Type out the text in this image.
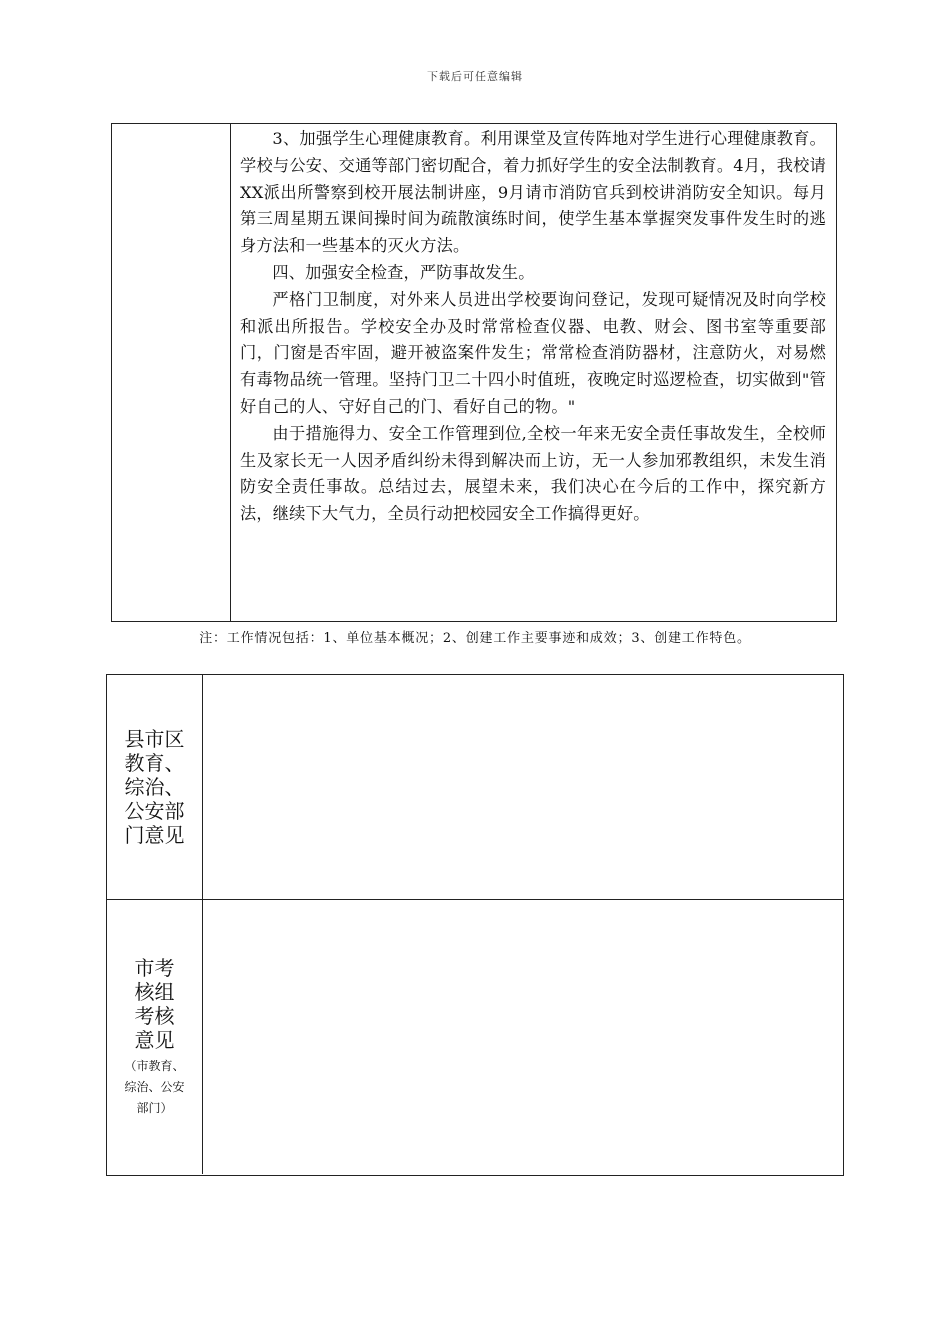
下载后可任意编辑

3、加强学生心理健康教育。利用课堂及宣传阵地对学生进行心理健康教育。学校与公安、交通等部门密切配合，着力抓好学生的安全法制教育。4月，我校请XX派出所警察到校开展法制讲座，9月请市消防官兵到校讲消防安全知识。每月第三周星期五课间操时间为疏散演练时间，使学生基本掌握突发事件发生时的逃身方法和一些基本的灭火方法。

四、加强安全检查，严防事故发生。

严格门卫制度，对外来人员进出学校要询问登记，发现可疑情况及时向学校和派出所报告。学校安全办及时常常检查仪器、电教、财会、图书室等重要部门，门窗是否牢固，避开被盗案件发生；常常检查消防器材，注意防火，对易燃有毒物品统一管理。坚持门卫二十四小时值班，夜晚定时巡逻检查，切实做到"管好自己的人、守好自己的门、看好自己的物。"

由于措施得力、安全工作管理到位,全校一年来无安全责任事故发生，全校师生及家长无一人因矛盾纠纷未得到解决而上访，无一人参加邪教组织，未发生消防安全责任事故。总结过去，展望未来，我们决心在今后的工作中，探究新方法，继续下大气力，全员行动把校园安全工作搞得更好。

注：工作情况包括：1、单位基本概况；2、创建工作主要事迹和成效；3、创建工作特色。
县市区
教育、
综治、
公安部
门意见
市考
核组
考核
意见
（市教育、
综治、公安
部门）
